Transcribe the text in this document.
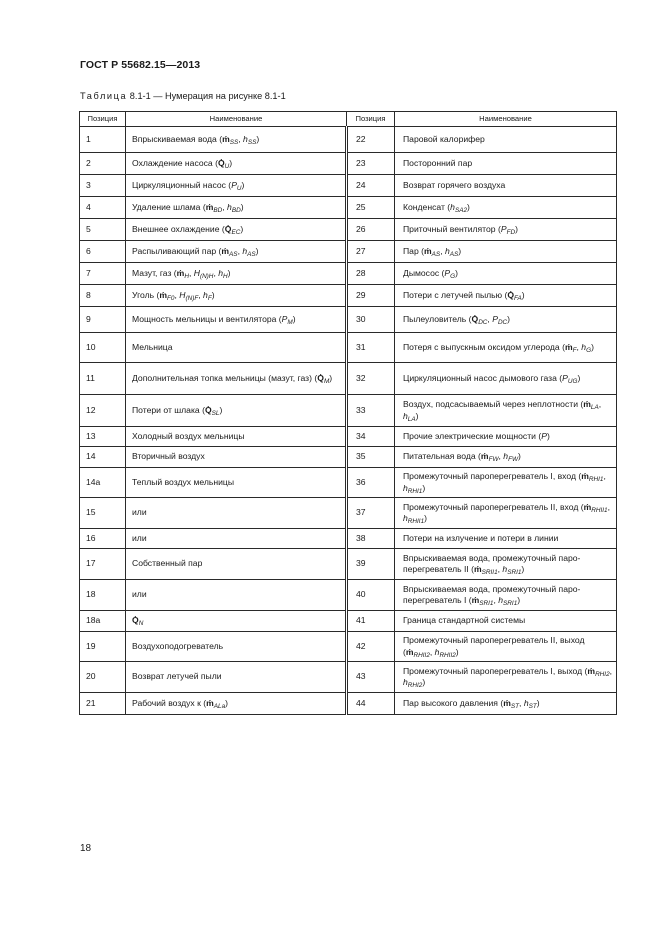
ГОСТ Р 55682.15—2013
Таблица 8.1-1 — Нумерация на рисунке 8.1-1
Позиция	Наименование	Позиция	Наименование
1	Впрыскиваемая вода (ṁ$_{SS}$, $h_{SS}$)	22	Паровой калорифер
2	Охлаждение насоса $(Q̇_U)$	23	Посторонний пар
3	Циркуляционный насос $(P_U)$	24	Возврат горячего воздуха
4	Удаление шлама (ṁ$_{BD}$, $h_{BD}$)	25	Конденсат $(h_{SA2})$
5	Внешнее охлаждение $(Q̇_{EC})$	26	Приточный вентилятор $(P_{FD})$
6	Распыливающий пар (ṁ$_{AS}$, $h_{AS}$)	27	Пар (ṁ$_{AS}$, $h_{AS}$)
7	Мазут, газ (ṁ$_H$, $H_{(N)H}$, $h_H$)	28	Дымосос $(P_G)$
8	Уголь (ṁ$_{F0}$, $H_{(N)F}$, $h_F$)	29	Потери с летучей пылью $(Q̇_{FA})$
9	Мощность мельницы и вентилятора $(P_M)$	30	Пылеуловитель ($Q̇_{DC}$, $P_{DC}$)
10	Мельница	31	Потеря с выпускным оксидом углерода (ṁ$_F$, $h_G$)
11	Дополнительная топка мельницы (мазут, газ) $(Q̇_M)$	32	Циркуляционный насос дымового газа $(P_{UG})$
12	Потери от шлака $(Q̇_{SL})$	33	Воздух, подсасываемый через неплотности (ṁ$_{LA}$, $h_{LA}$)
13	Холодный воздух мельницы	34	Прочие электрические мощности (P)
14	Вторичный воздух	35	Питательная вода (ṁ$_{FW}$, $h_{FW}$)
14а	Теплый воздух мельницы	36	Промежуточный пароперегреватель I, вход (ṁ$_{RHI1}$, $h_{RHI1}$)
15	или	37	Промежуточный пароперегреватель II, вход (ṁ$_{RHII1}$, $h_{RHII1}$)
16	или	38	Потери на излучение и потери в линии
17	Собственный пар	39	Впрыскиваемая вода, промежуточный паро-перегреватель II (ṁ$_{SRII1}$, $h_{SRI1}$)
18	или	40	Впрыскиваемая вода, промежуточный паро-перегреватель I (ṁ$_{SRI1}$, $h_{SRI1}$)
18а	$Q̇_N$	41	Граница стандартной системы
19	Воздухоподогреватель	42	Промежуточный пароперегреватель II, выход (ṁ$_{RHII2}$, $h_{RHII2}$)
20	Возврат летучей пыли	43	Промежуточный пароперегреватель I, выход (ṁ$_{RHI2}$, $h_{RHI2}$)
21	Рабочий воздух к (ṁ$_{ALa}$)	44	Пар высокого давления (ṁ$_{ST}$, $h_{ST}$)
18
